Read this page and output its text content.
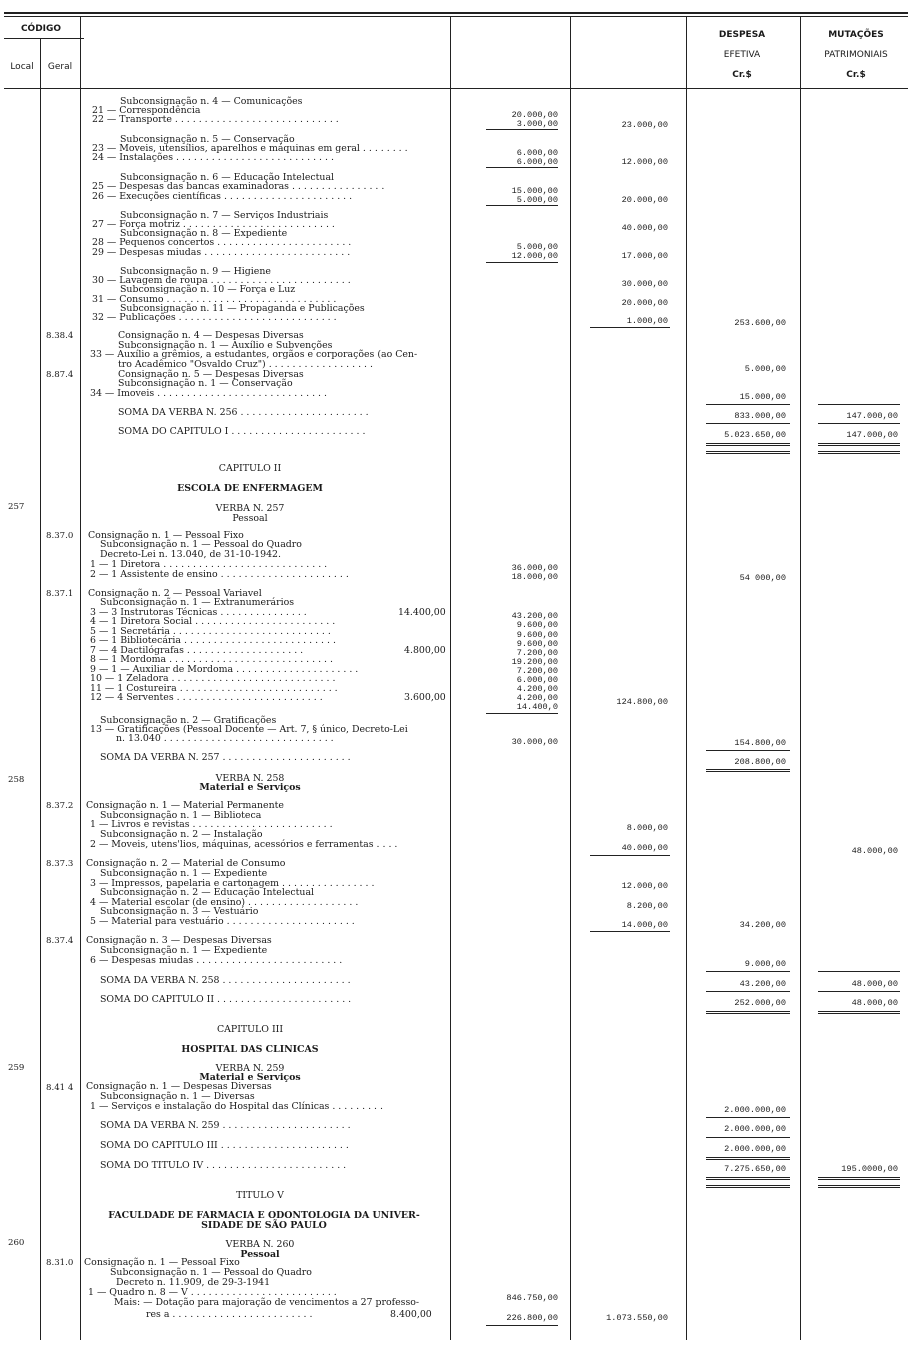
CÓDIGO
Local	Geral
DESPESA
EFETIVA
Cr.$
MUTAÇÕES
PATRIMONIAIS
Cr.$
8.38.4
8.87.4
257
8.37.0
8.37.1
258
8.37.2
8.37.3
8.37.4
259
8.41 4
260
8.31.0
Subconsignação n. 4 — Comunicações
21 — Correspondência
22 — Transporte . . . . . . . . . . . . . . . . . . . . . . . . . . . .
Subconsignação n. 5 — Conservação
23 — Moveis, utensílios, aparelhos e máquinas em geral . . . . . . . .
24 — Instalações . . . . . . . . . . . . . . . . . . . . . . . . . . .
Subconsignação n. 6 — Educação Intelectual
25 — Despesas das bancas examinadoras . . . . . . . . . . . . . . . .
26 — Execuções científicas . . . . . . . . . . . . . . . . . . . . . .
Subconsignação n. 7 — Serviços Industriais
27 — Força motriz . . . . . . . . . . . . . . . . . . . . . . . . . .
Subconsignação n. 8 — Expediente
28 — Pequenos concertos . . . . . . . . . . . . . . . . . . . . . . .
29 — Despesas miudas . . . . . . . . . . . . . . . . . . . . . . . . .
Subconsignação n. 9 — Higiene
30 — Lavagem de roupa . . . . . . . . . . . . . . . . . . . . . . . .
Subconsignação n. 10 — Força e Luz
31 — Consumo . . . . . . . . . . . . . . . . . . . . . . . . . . . . .
Subconsignação n. 11 — Propaganda e Publicações
32 — Publicações . . . . . . . . . . . . . . . . . . . . . . . . . . .
Consignação n. 4 — Despesas Diversas
Subconsignação n. 1 — Auxílio e Subvenções
33 — Auxílio a grêmios, a estudantes, orgãos e corporações (ao Cen-
tro Acadêmico "Osvaldo Cruz") . . . . . . . . . . . . . . . . . .
Consignação n. 5 — Despesas Diversas
Subconsignação n. 1 — Conservação
34 — Imoveis . . . . . . . . . . . . . . . . . . . . . . . . . . . . .
SOMA DA VERBA N. 256 . . . . . . . . . . . . . . . . . . . . . .
SOMA DO CAPITULO I . . . . . . . . . . . . . . . . . . . . . . .
CAPITULO II
ESCOLA DE ENFERMAGEM
VERBA N. 257
Pessoal
Consignação n. 1 — Pessoal Fixo
Subconsignação n. 1 — Pessoal do Quadro
Decreto-Lei n. 13.040, de 31-10-1942.
1 — 1 Diretora . . . . . . . . . . . . . . . . . . . . . . . . . . . .
2 — 1 Assistente de ensino . . . . . . . . . . . . . . . . . . . . . .
Consignação n. 2 — Pessoal Variavel
Subconsignação n. 1 — Extranumerários
3 — 3 Instrutoras Técnicas . . . . . . . . . . . . . . .
4 — 1 Diretora Social . . . . . . . . . . . . . . . . . . . . . . . .
5 — 1 Secretária . . . . . . . . . . . . . . . . . . . . . . . . . . .
6 — 1 Bibliotecária . . . . . . . . . . . . . . . . . . . . . . . . . .
7 — 4 Dactilógrafas . . . . . . . . . . . . . . . . . . . .
8 — 1 Mordoma . . . . . . . . . . . . . . . . . . . . . . . . . . . .
9 — 1 — Auxiliar de Mordoma . . . . . . . . . . . . . . . . . . . . .
10 — 1 Zeladora . . . . . . . . . . . . . . . . . . . . . . . . . . . .
11 — 1 Costureira . . . . . . . . . . . . . . . . . . . . . . . . . . .
12 — 4 Serventes . . . . . . . . . . . . . . . . . . . . . . . . .
14.400,00
4.800,00
3.600,00
Subconsignação n. 2 — Gratificações
13 — Gratificações (Pessoal Docente — Art. 7, § único, Decreto-Lei
n. 13.040 . . . . . . . . . . . . . . . . . . . . . . . . . . . . .
SOMA DA VERBA N. 257 . . . . . . . . . . . . . . . . . . . . . .
VERBA N. 258
Material e Serviços
Consignação n. 1 — Material Permanente
Subconsignação n. 1 — Biblioteca
1 — Livros e revistas . . . . . . . . . . . . . . . . . . . . . . . .
Subconsignação n. 2 — Instalação
2 — Moveis, utens'lios, máquinas, acessórios e ferramentas . . . .
Consignação n. 2 — Material de Consumo
Subconsignação n. 1 — Expediente
3 — Impressos, papelaria e cartonagem . . . . . . . . . . . . . . . .
Subconsignação n. 2 — Educação Intelectual
4 — Material escolar (de ensino) . . . . . . . . . . . . . . . . . . .
Subconsignação n. 3 — Vestuário
5 — Material para vestuário . . . . . . . . . . . . . . . . . . . . . .
Consignação n. 3 — Despesas Diversas
Subconsignação n. 1 — Expediente
6 — Despesas miudas . . . . . . . . . . . . . . . . . . . . . . . . .
SOMA DA VERBA N. 258 . . . . . . . . . . . . . . . . . . . . . .
SOMA DO CAPITULO II . . . . . . . . . . . . . . . . . . . . . . .
CAPITULO III
HOSPITAL DAS CLINICAS
VERBA N. 259
Material e Serviços
Consignação n. 1 — Despesas Diversas
Subconsignação n. 1 — Diversas
1 — Serviços e instalação do Hospital das Clínicas . . . . . . . . .
SOMA DA VERBA N. 259 . . . . . . . . . . . . . . . . . . . . . .
SOMA DO CAPITULO III . . . . . . . . . . . . . . . . . . . . . .
SOMA DO TITULO IV . . . . . . . . . . . . . . . . . . . . . . . .
TITULO V
FACULDADE DE FARMACIA E ODONTOLOGIA DA UNIVER-
SIDADE DE SÃO PAULO
VERBA N. 260
Pessoal
Consignação n. 1 — Pessoal Fixo
Subconsignação n. 1 — Pessoal do Quadro
Decreto n. 11.909, de 29-3-1941
1 — Quadro n. 8 — V . . . . . . . . . . . . . . . . . . . . . . . . .
Mais: — Dotação para majoração de vencimentos a 27 professo-
res a . . . . . . . . . . . . . . . . . . . . . . . .	8.400,00
20.000,00
3.000,00
6.000,00
6.000,00
15.000,00
5.000,00
5.000,00
12.000,00
36.000,00
18.000,00
43.200,00
9.600,00
9.600,00
9.600,00
7.200,00
19.200,00
7.200,00
6.000,00
4.200,00
4.200,00
14.400,0
30.000,00
846.750,00
226.800,00
23.000,00
12.000,00
20.000,00
40.000,00
17.000,00
30.000,00
20.000,00
1.000,00
124.800,00
8.000,00
40.000,00
12.000,00
8.200,00
14.000,00
1.073.550,00
253.600,00
5.000,00
15.000,00
833.000,00
5.023.650,00
54 000,00
154.800,00
208.800,00
34.200,00
9.000,00
43.200,00
252.000,00
2.000.000,00
2.000.000,00
2.000.000,00
7.275.650,00
147.000,00
147.000,00
48.000,00
48.000,00
48.000,00
195.0000,00
